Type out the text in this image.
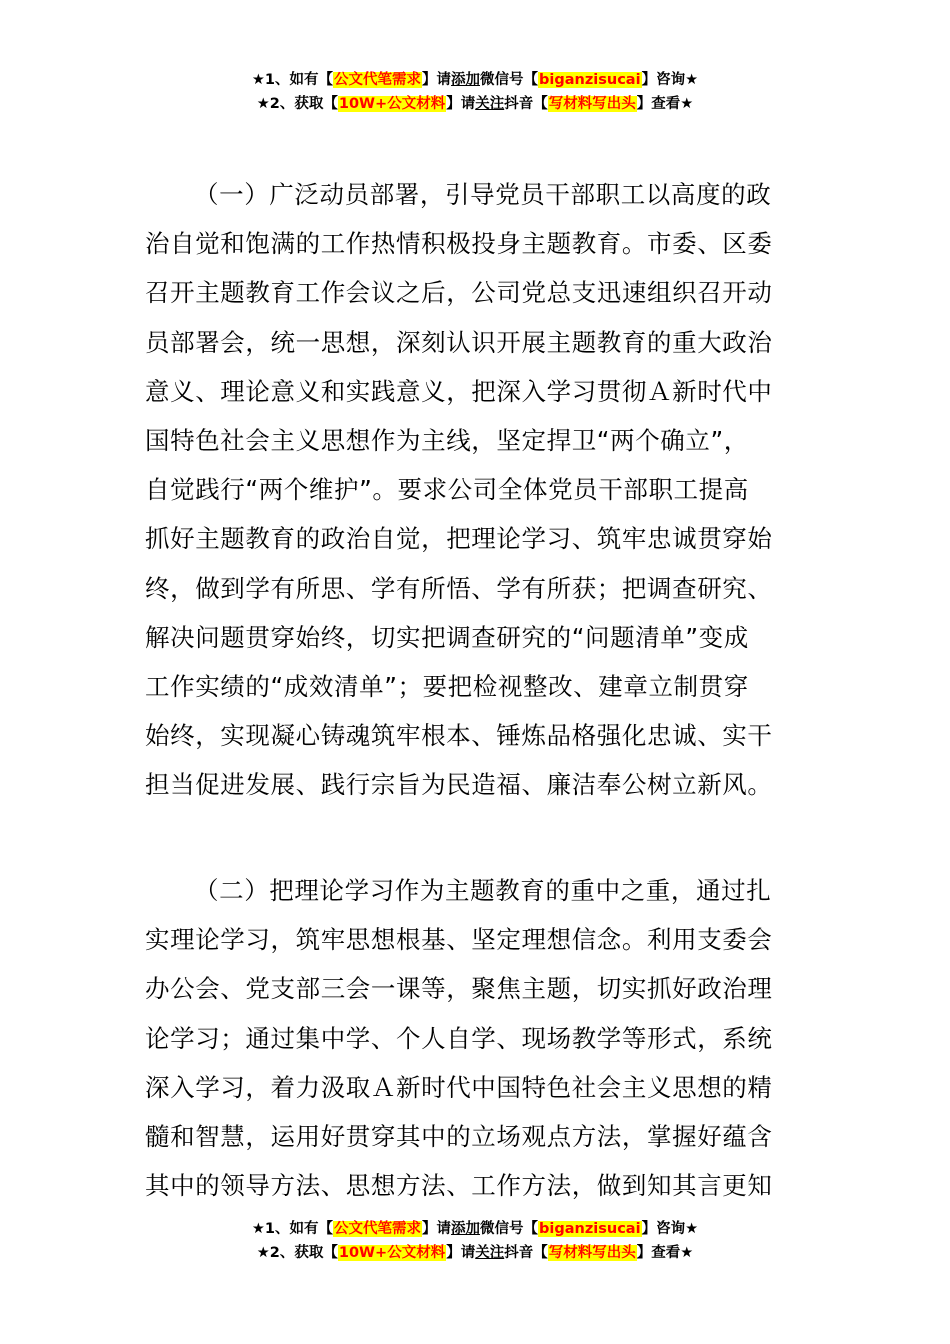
★1、如有【公文代笔需求】请添加微信号【biganzisucai】咨询★
★2、获取【10W+公文材料】请关注抖音【写材料写出头】查看★
（一）广泛动员部署，引导党员干部职工以高度的政
治自觉和饱满的工作热情积极投身主题教育。市委、区委
召开主题教育工作会议之后，公司党总支迅速组织召开动
员部署会，统一思想，深刻认识开展主题教育的重大政治
意义、理论意义和实践意义，把深入学习贯彻Ａ新时代中
国特色社会主义思想作为主线，坚定捍卫“两个确立”，
自觉践行“两个维护”。要求公司全体党员干部职工提高
抓好主题教育的政治自觉，把理论学习、筑牢忠诚贯穿始
终，做到学有所思、学有所悟、学有所获；把调查研究、
解决问题贯穿始终，切实把调查研究的“问题清单”变成
工作实绩的“成效清单”；要把检视整改、建章立制贯穿
始终，实现凝心铸魂筑牢根本、锤炼品格强化忠诚、实干
担当促进发展、践行宗旨为民造福、廉洁奉公树立新风。
（二）把理论学习作为主题教育的重中之重，通过扎
实理论学习，筑牢思想根基、坚定理想信念。利用支委会
办公会、党支部三会一课等，聚焦主题，切实抓好政治理
论学习；通过集中学、个人自学、现场教学等形式，系统
深入学习，着力汲取Ａ新时代中国特色社会主义思想的精
髓和智慧，运用好贯穿其中的立场观点方法，掌握好蕴含
其中的领导方法、思想方法、工作方法，做到知其言更知
★1、如有【公文代笔需求】请添加微信号【biganzisucai】咨询★
★2、获取【10W+公文材料】请关注抖音【写材料写出头】查看★
